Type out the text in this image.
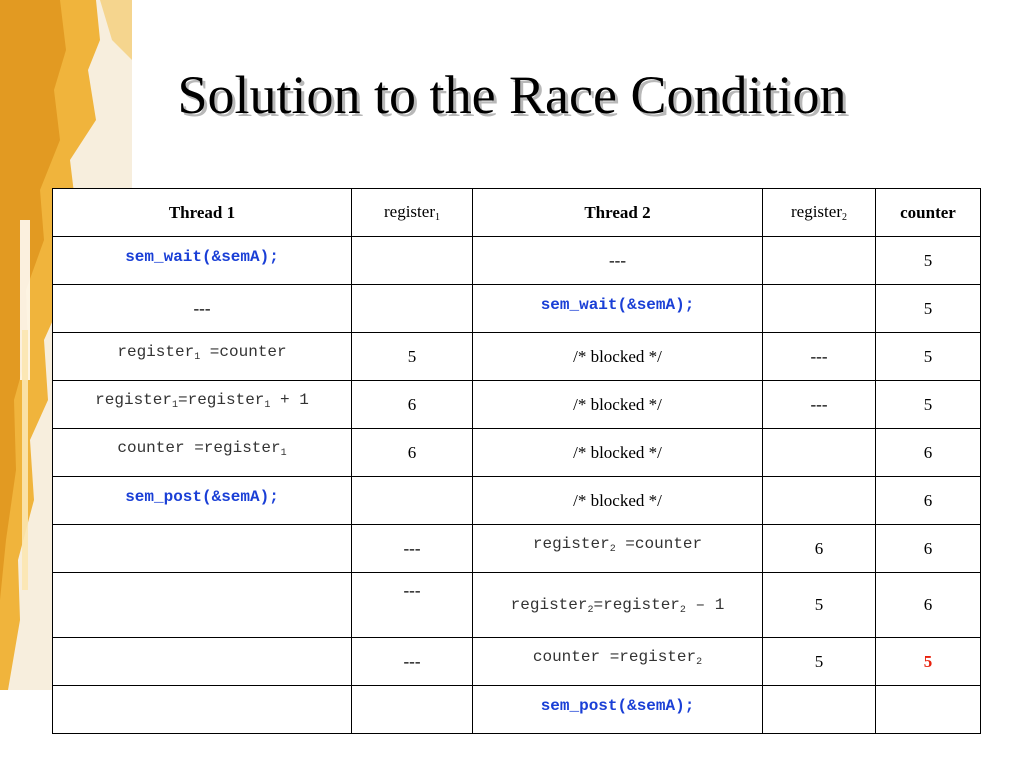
Solution to the Race Condition
Thread 1	register$_1$	Thread 2	register$_2$	counter
sem_wait(&semA);		---		5
---		sem_wait(&semA);		5
register$_1$ =counter	5	/* blocked */	---	5
register$_1$=register$_1$ + 1	6	/* blocked */	---	5
counter =register$_1$	6	/* blocked */		6
sem_post(&semA);		/* blocked */		6
	---	register$_2$ =counter	6	6
	---	register$_2$=register$_2$ – 1	5	6
	---	counter =register$_2$	5	5
		sem_post(&semA);		
